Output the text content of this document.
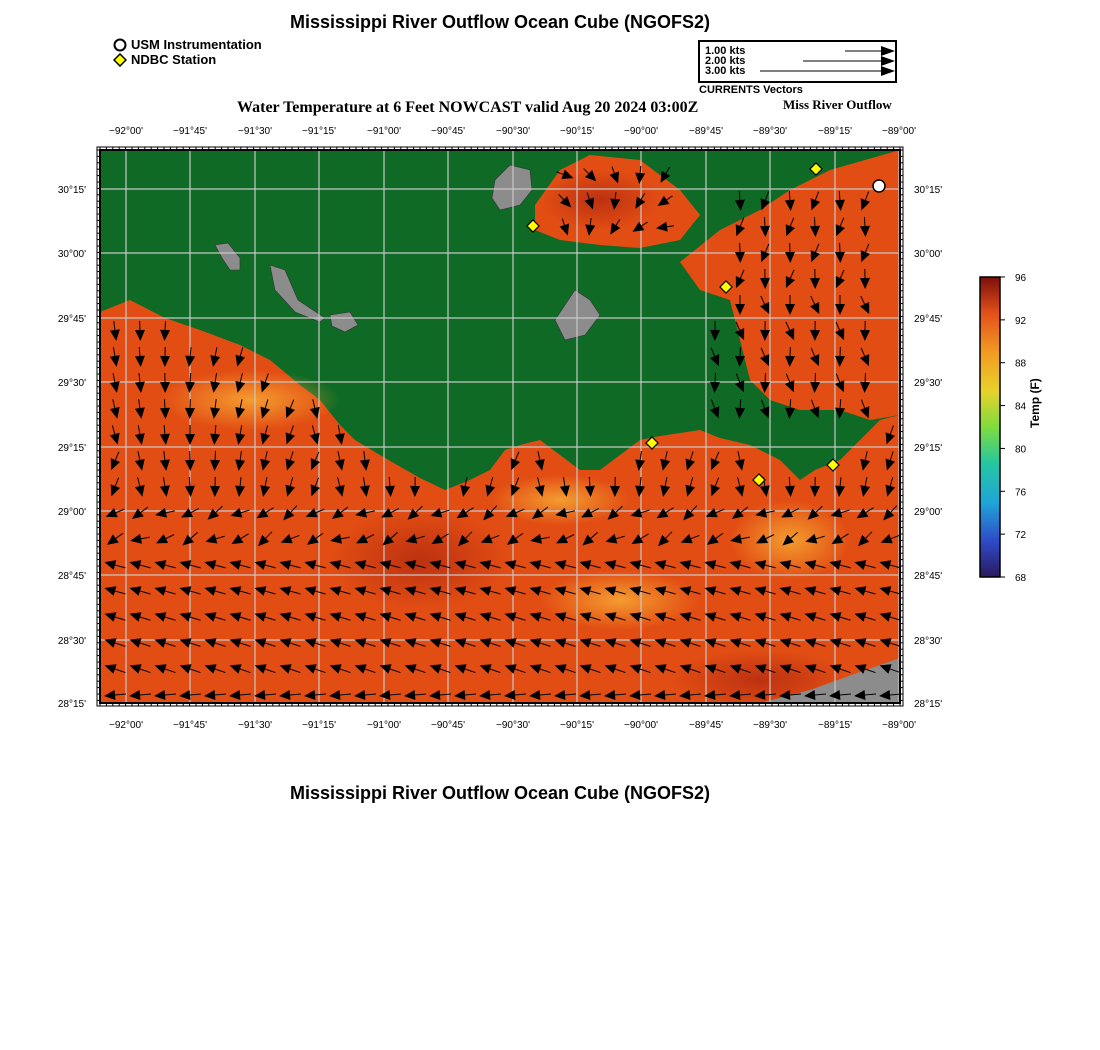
Mississippi River Outflow Ocean Cube (NGOFS2)
USM Instrumentation
NDBC Station
1.00 kts
2.00 kts
3.00 kts
CURRENTS Vectors
Water Temperature at 6 Feet NOWCAST valid Aug 20 2024 03:00Z	Miss River Outflow
−92°00'	−91°45'	−91°30'	−91°15'	−91°00'	−90°45'	−90°30'	−90°15'	−90°00'	−89°45'	−89°30'	−89°15'	−89°00'
−92°00'	−91°45'	−91°30'	−91°15'	−91°00'	−90°45'	−90°30'	−90°15'	−90°00'	−89°45'	−89°30'	−89°15'	−89°00'
30°15'
30°00'
29°45'
29°30'
29°15'
29°00'
28°45'
28°30'
28°15'
30°15'
30°00'
29°45'
29°30'
29°15'
29°00'
28°45'
28°30'
28°15'
96
92
88
84
80
76
72
68
Temp (F)
Mississippi River Outflow Ocean Cube (NGOFS2)
